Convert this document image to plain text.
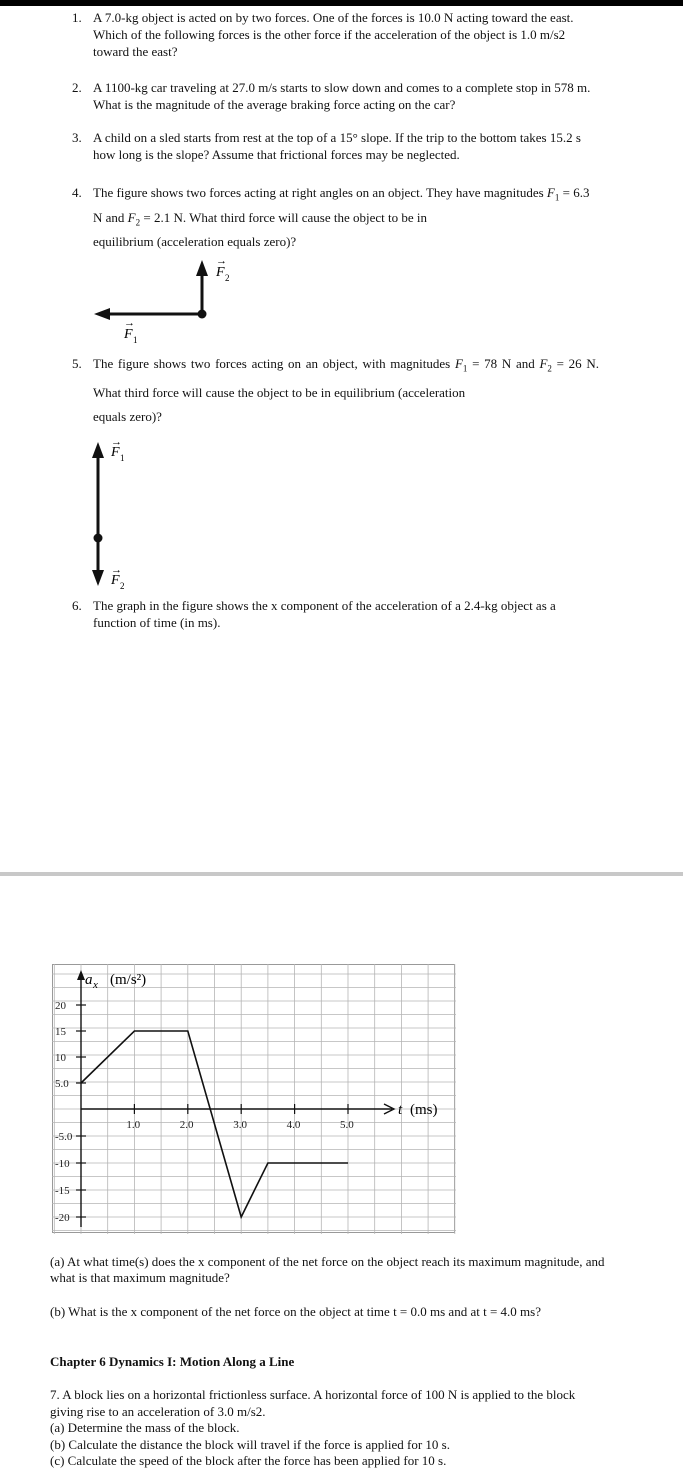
1. A 7.0-kg object is acted on by two forces. One of the forces is 10.0 N acting toward the east. Which of the following forces is the other force if the acceleration of the object is 1.0 m/s2 toward the east?
2. A 1100-kg car traveling at 27.0 m/s starts to slow down and comes to a complete stop in 578 m. What is the magnitude of the average braking force acting on the car?
3. A child on a sled starts from rest at the top of a 15° slope. If the trip to the bottom takes 15.2 s how long is the slope? Assume that frictional forces may be neglected.
4. The figure shows two forces acting at right angles on an object. They have magnitudes $F_1 = 6.3$ N and $F_2 = 2.1$ N. What third force will cause the object to be in
equilibrium (acceleration equals zero)?
F 2
→
F 1
→
5. The figure shows two forces acting on an object, with magnitudes $F_1 = 78$ N and $F_2 = 26$ N. What third force will cause the object to be in equilibrium (acceleration
equals zero)?
F 1
→
F 2
→
6. The graph in the figure shows the x component of the acceleration of a 2.4-kg object as a function of time (in ms).
1.0	2.0	3.0	4.0	5.0
20
15
10
5.0
-5.0
-10
-15
-20
a x (m/s²)
t (ms)
(a) At what time(s) does the x component of the net force on the object reach its maximum magnitude, and what is that maximum magnitude?
(b) What is the x component of the net force on the object at time t = 0.0 ms and at t = 4.0 ms?
Chapter 6 Dynamics I: Motion Along a Line
7. A block lies on a horizontal frictionless surface. A horizontal force of 100 N is applied to the block giving rise to an acceleration of 3.0 m/s2.
(a) Determine the mass of the block.
(b) Calculate the distance the block will travel if the force is applied for 10 s.
(c) Calculate the speed of the block after the force has been applied for 10 s.
